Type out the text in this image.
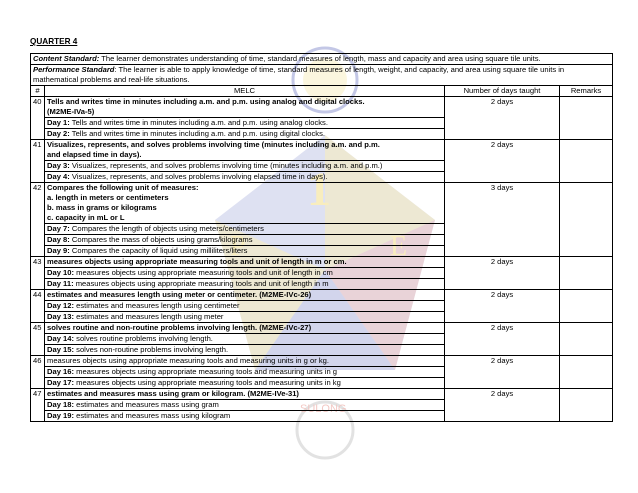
1
P	E
SULONG
QUARTER 4
Content Standard: The learner demonstrates understanding of time, standard measures of length, mass and capacity and area using square tile units.			
Performance Standard: The learner is able to apply knowledge of time, standard measures of length, weight, and capacity, and area using square tile units in mathematical problems and real-life situations.			
#	MELC	Number of days taught	Remarks
40	Tells and writes time in minutes including a.m. and p.m. using analog and digital clocks.
(M2ME-IVa-5)	2 days	
	Day 1: Tells and writes time in minutes including a.m. and p.m. using analog clocks.		
	Day 2: Tells and writes time in minutes including a.m. and p.m. using digital clocks.		
41	Visualizes, represents, and solves problems involving time (minutes including a.m. and p.m.
and elapsed time in days).	2 days	
	Day 3: Visualizes, represents, and solves problems involving time (minutes including a.m. and p.m.)		
	Day 4: Visualizes, represents, and solves problems involving elapsed time in days).		
42	Compares the following unit of measures:
a. length in meters or centimeters
b. mass in grams or kilograms
c. capacity in mL or L	3 days	
	Day 7: Compares the length of objects using meters/centimeters		
	Day 8: Compares the mass of objects using grams/kilograms		
	Day 9: Compares the capacity of liquid using milliliters/liters		
43	measures objects using appropriate measuring tools and unit of length in m or cm.	2 days	
	Day 10: measures objects using appropriate measuring tools and unit of length in cm		
	Day 11: measures objects using appropriate measuring tools and unit of length in m		
44	estimates and measures length using meter or centimeter. (M2ME-IVc-26)	2 days	
	Day 12: estimates and measures length using centimeter		
	Day 13: estimates and measures length using meter		
45	solves routine and non-routine problems involving length. (M2ME-IVc-27)	2 days	
	Day 14: solves routine problems involving length.		
	Day 15: solves non-routine problems involving length.		
46	measures objects using appropriate measuring tools and measuring units in g or kg.	2 days	
	Day 16: measures objects using appropriate measuring tools and measuring units in g		
	Day 17: measures objects using appropriate measuring tools and measuring units in kg		
47	estimates and measures mass using gram or kilogram. (M2ME-IVe-31)	2 days	
	Day 18: estimates and measures mass using gram		
	Day 19: estimates and measures mass using kilogram		
